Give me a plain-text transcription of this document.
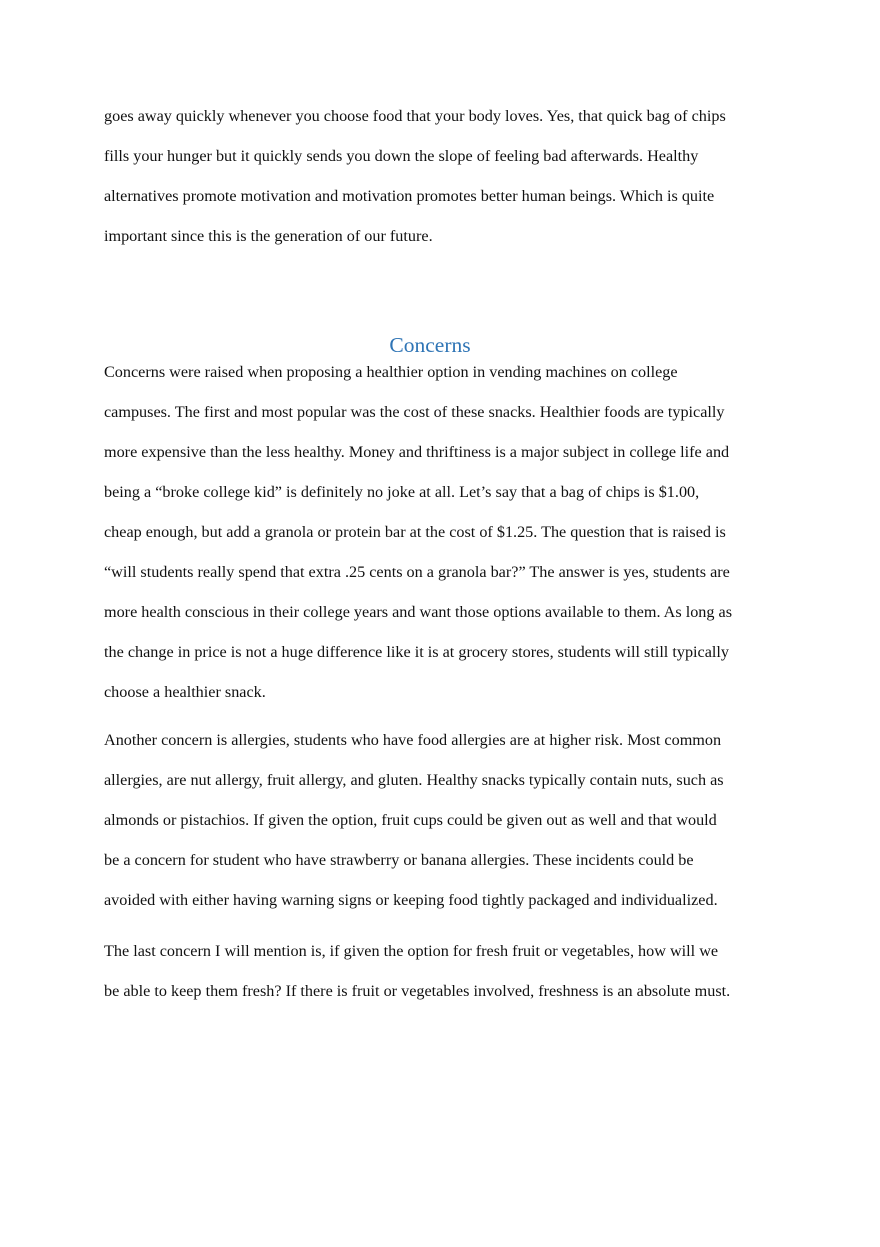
goes away quickly whenever you choose food that your body loves. Yes, that quick bag of chips
fills your hunger but it quickly sends you down the slope of feeling bad afterwards. Healthy
alternatives promote motivation and motivation promotes better human beings. Which is quite
important since this is the generation of our future.
Concerns
Concerns were raised when proposing a healthier option in vending machines on college
campuses. The first and most popular was the cost of these snacks. Healthier foods are typically
more expensive than the less healthy. Money and thriftiness is a major subject in college life and
being a “broke college kid” is definitely no joke at all. Let’s say that a bag of chips is $1.00,
cheap enough, but add a granola or protein bar at the cost of $1.25. The question that is raised is
“will students really spend that extra .25 cents on a granola bar?” The answer is yes, students are
more health conscious in their college years and want those options available to them. As long as
the change in price is not a huge difference like it is at grocery stores, students will still typically
choose a healthier snack.
Another concern is allergies, students who have food allergies are at higher risk. Most common
allergies, are nut allergy, fruit allergy, and gluten. Healthy snacks typically contain nuts, such as
almonds or pistachios. If given the option, fruit cups could be given out as well and that would
be a concern for student who have strawberry or banana allergies. These incidents could be
avoided with either having warning signs or keeping food tightly packaged and individualized.
The last concern I will mention is, if given the option for fresh fruit or vegetables, how will we
be able to keep them fresh? If there is fruit or vegetables involved, freshness is an absolute must.
